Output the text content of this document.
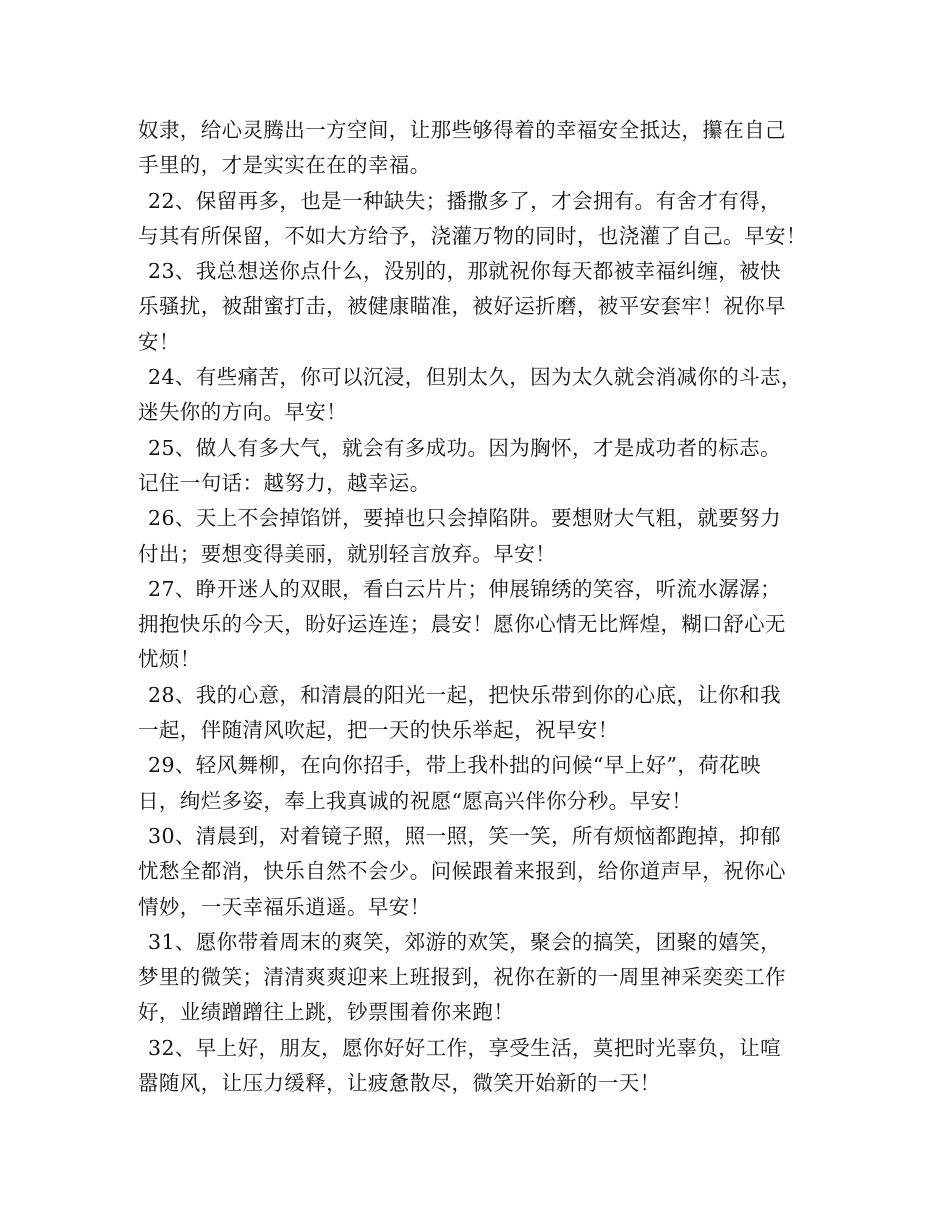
奴隶，给心灵腾出一方空间，让那些够得着的幸福安全抵达，攥在自己
手里的，才是实实在在的幸福。
22、保留再多，也是一种缺失；播撒多了，才会拥有。有舍才有得，
与其有所保留，不如大方给予，浇灌万物的同时，也浇灌了自己。早安！
23、我总想送你点什么，没别的，那就祝你每天都被幸福纠缠，被快
乐骚扰，被甜蜜打击，被健康瞄准，被好运折磨，被平安套牢！祝你早
安！
24、有些痛苦，你可以沉浸，但别太久，因为太久就会消减你的斗志，
迷失你的方向。早安！
25、做人有多大气，就会有多成功。因为胸怀，才是成功者的标志。
记住一句话：越努力，越幸运。
26、天上不会掉馅饼，要掉也只会掉陷阱。要想财大气粗，就要努力
付出；要想变得美丽，就别轻言放弃。早安！
27、睁开迷人的双眼，看白云片片；伸展锦绣的笑容，听流水潺潺；
拥抱快乐的今天，盼好运连连；晨安！愿你心情无比辉煌，糊口舒心无
忧烦！
28、我的心意，和清晨的阳光一起，把快乐带到你的心底，让你和我
一起，伴随清风吹起，把一天的快乐举起，祝早安！
29、轻风舞柳，在向你招手，带上我朴拙的问候“早上好”，荷花映
日，绚烂多姿，奉上我真诚的祝愿“愿高兴伴你分秒。早安！
30、清晨到，对着镜子照，照一照，笑一笑，所有烦恼都跑掉，抑郁
忧愁全都消，快乐自然不会少。问候跟着来报到，给你道声早，祝你心
情妙，一天幸福乐逍遥。早安！
31、愿你带着周末的爽笑，郊游的欢笑，聚会的搞笑，团聚的嬉笑，
梦里的微笑；清清爽爽迎来上班报到，祝你在新的一周里神采奕奕工作
好，业绩蹭蹭往上跳，钞票围着你来跑！
32、早上好，朋友，愿你好好工作，享受生活，莫把时光辜负，让喧
嚣随风，让压力缓释，让疲惫散尽，微笑开始新的一天！
